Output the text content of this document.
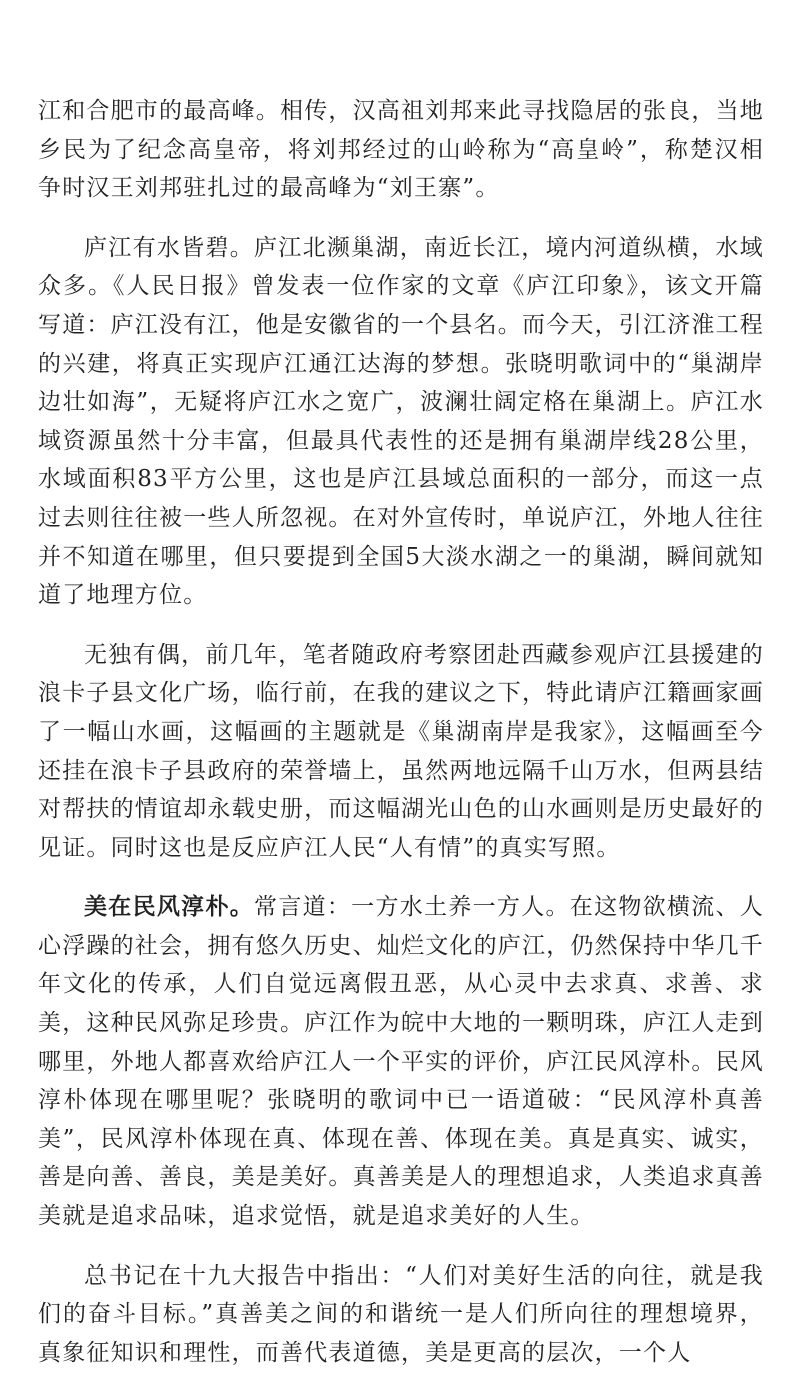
江和合肥市的最高峰。相传，汉高祖刘邦来此寻找隐居的张良，当地乡民为了纪念高皇帝，将刘邦经过的山岭称为“高皇岭”，称楚汉相争时汉王刘邦驻扎过的最高峰为“刘王寨”。

庐江有水皆碧。庐江北濒巢湖，南近长江，境内河道纵横，水域众多。《人民日报》曾发表一位作家的文章《庐江印象》，该文开篇写道：庐江没有江，他是安徽省的一个县名。而今天，引江济淮工程的兴建，将真正实现庐江通江达海的梦想。张晓明歌词中的“巢湖岸边壮如海”，无疑将庐江水之宽广，波澜壮阔定格在巢湖上。庐江水域资源虽然十分丰富，但最具代表性的还是拥有巢湖岸线28公里，水域面积83平方公里，这也是庐江县域总面积的一部分，而这一点过去则往往被一些人所忽视。在对外宣传时，单说庐江，外地人往往并不知道在哪里，但只要提到全国5大淡水湖之一的巢湖，瞬间就知道了地理方位。

无独有偶，前几年，笔者随政府考察团赴西藏参观庐江县援建的浪卡子县文化广场，临行前，在我的建议之下，特此请庐江籍画家画了一幅山水画，这幅画的主题就是《巢湖南岸是我家》，这幅画至今还挂在浪卡子县政府的荣誉墙上，虽然两地远隔千山万水，但两县结对帮扶的情谊却永载史册，而这幅湖光山色的山水画则是历史最好的见证。同时这也是反应庐江人民“人有情”的真实写照。

美在民风淳朴。常言道：一方水土养一方人。在这物欲横流、人心浮躁的社会，拥有悠久历史、灿烂文化的庐江，仍然保持中华几千年文化的传承，人们自觉远离假丑恶，从心灵中去求真、求善、求美，这种民风弥足珍贵。庐江作为皖中大地的一颗明珠，庐江人走到哪里，外地人都喜欢给庐江人一个平实的评价，庐江民风淳朴。民风淳朴体现在哪里呢？张晓明的歌词中已一语道破：“民风淳朴真善美”，民风淳朴体现在真、体现在善、体现在美。真是真实、诚实，善是向善、善良，美是美好。真善美是人的理想追求，人类追求真善美就是追求品味，追求觉悟，就是追求美好的人生。

总书记在十九大报告中指出：“人们对美好生活的向往，就是我们的奋斗目标。”真善美之间的和谐统一是人们所向往的理想境界，真象征知识和理性，而善代表道德，美是更高的层次，一个人
